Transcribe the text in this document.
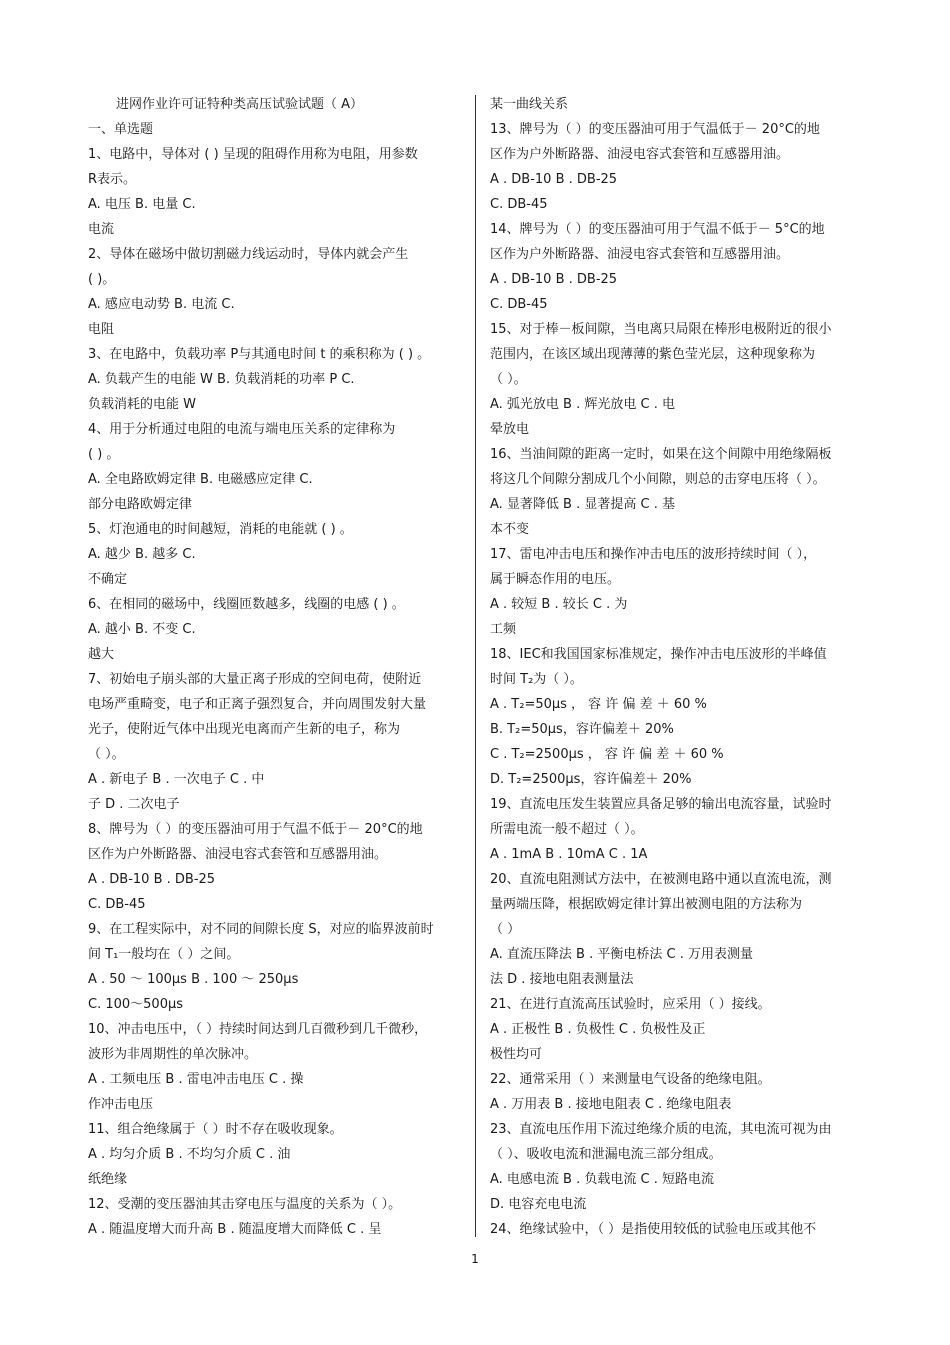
进网作业许可证特种类高压试验试题（ A）
一、单选题
1、电路中，导体对 ( ) 呈现的阻碍作用称为电阻，用参数
R表示。
A. 电压 B. 电量 C.
电流
2、导体在磁场中做切割磁力线运动时，导体内就会产生
( )。
A. 感应电动势 B. 电流 C.
电阻
3、在电路中，负载功率 P与其通电时间 t 的乘积称为 ( ) 。
A. 负载产生的电能 W B. 负载消耗的功率 P C.
负载消耗的电能 W
4、用于分析通过电阻的电流与端电压关系的定律称为
( ) 。
A. 全电路欧姆定律 B. 电磁感应定律 C.
部分电路欧姆定律
5、灯泡通电的时间越短，消耗的电能就 ( ) 。
A. 越少 B. 越多 C.
不确定
6、在相同的磁场中，线圈匝数越多，线圈的电感 ( ) 。
A. 越小 B. 不变 C.
越大
7、初始电子崩头部的大量正离子形成的空间电荷，使附近
电场严重畸变，电子和正离子强烈复合，并向周围发射大量
光子，使附近气体中出现光电离而产生新的电子，称为
（ ）。
A . 新电子 B . 一次电子 C . 中
子 D . 二次电子
8、牌号为（ ）的变压器油可用于气温不低于－ 20°C的地
区作为户外断路器、油浸电容式套管和互感器用油。
A . DB-10 B . DB-25
C. DB-45
9、在工程实际中，对不同的间隙长度 S，对应的临界波前时
间 T₁一般均在（ ）之间。
A . 50 ～ 100μs B . 100 ～ 250μs
C. 100～500μs
10、冲击电压中，（ ）持续时间达到几百微秒到几千微秒，
波形为非周期性的单次脉冲。
A . 工频电压 B . 雷电冲击电压 C . 操
作冲击电压
11、组合绝缘属于（ ）时不存在吸收现象。
A . 均匀介质 B . 不均匀介质 C . 油
纸绝缘
12、受潮的变压器油其击穿电压与温度的关系为（ ）。
A . 随温度增大而升高 B . 随温度增大而降低 C . 呈
某一曲线关系
13、牌号为（ ）的变压器油可用于气温低于－ 20°C的地
区作为户外断路器、油浸电容式套管和互感器用油。
A . DB-10 B . DB-25
C. DB-45
14、牌号为（ ）的变压器油可用于气温不低于－ 5°C的地
区作为户外断路器、油浸电容式套管和互感器用油。
A . DB-10 B . DB-25
C. DB-45
15、对于棒－板间隙，当电离只局限在棒形电极附近的很小
范围内，在该区域出现薄薄的紫色莹光层，这种现象称为
（ ）。
A. 弧光放电 B . 辉光放电 C . 电
晕放电
16、当油间隙的距离一定时，如果在这个间隙中用绝缘隔板
将这几个间隙分割成几个小间隙，则总的击穿电压将（ ）。
A. 显著降低 B . 显著提高 C . 基
本不变
17、雷电冲击电压和操作冲击电压的波形持续时间（ ），
属于瞬态作用的电压。
A . 较短 B . 较长 C . 为
工频
18、IEC和我国国家标准规定，操作冲击电压波形的半峰值
时间 T₂为（ ）。
A . T₂=50μs ， 容 许 偏 差 ＋ 60 %
B. T₂=50μs，容许偏差＋ 20%
C . T₂=2500μs ， 容 许 偏 差 ＋ 60 %
D. T₂=2500μs，容许偏差＋ 20%
19、直流电压发生装置应具备足够的输出电流容量，试验时
所需电流一般不超过（ ）。
A . 1mA B . 10mA C . 1A
20、直流电阻测试方法中，在被测电路中通以直流电流，测
量两端压降，根据欧姆定律计算出被测电阻的方法称为
（ ）
A. 直流压降法 B . 平衡电桥法 C . 万用表测量
法 D . 接地电阻表测量法
21、在进行直流高压试验时，应采用（ ）接线。
A . 正极性 B . 负极性 C . 负极性及正
极性均可
22、通常采用（ ）来测量电气设备的绝缘电阻。
A . 万用表 B . 接地电阻表 C . 绝缘电阻表
23、直流电压作用下流过绝缘介质的电流，其电流可视为由
（ ）、吸收电流和泄漏电流三部分组成。
A. 电感电流 B . 负载电流 C . 短路电流
D. 电容充电电流
24、绝缘试验中，（ ）是指使用较低的试验电压或其他不
1
